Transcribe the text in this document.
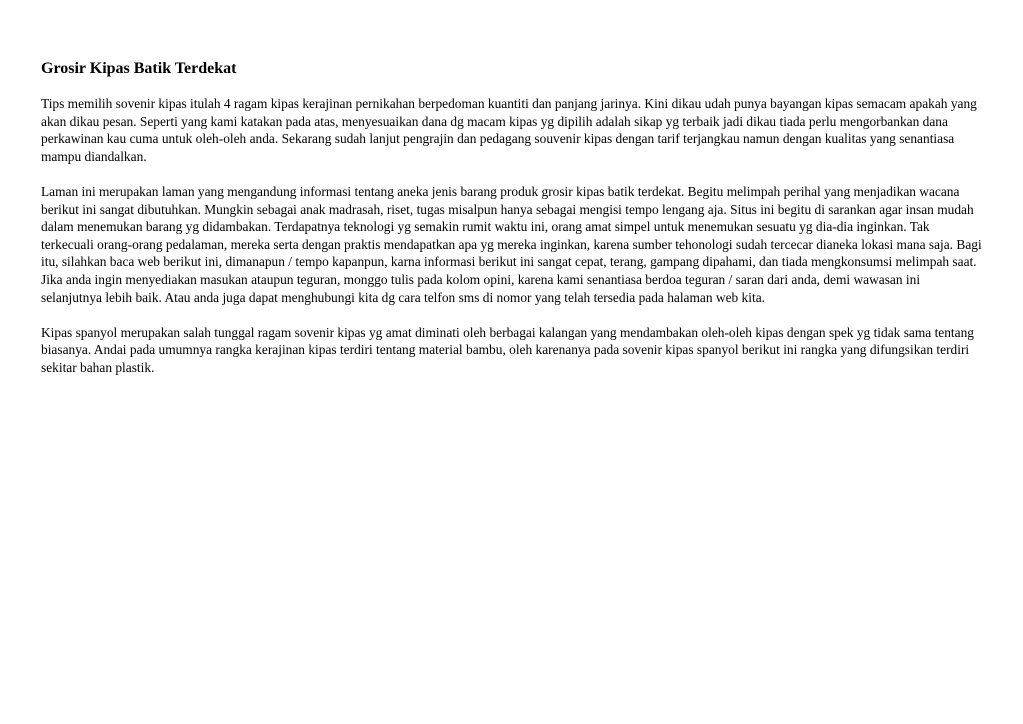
Grosir Kipas Batik Terdekat

Tips memilih sovenir kipas itulah 4 ragam kipas kerajinan pernikahan berpedoman kuantiti dan panjang jarinya. Kini dikau udah punya bayangan kipas semacam apakah yang akan dikau pesan. Seperti yang kami katakan pada atas, menyesuaikan dana dg macam kipas yg dipilih adalah sikap yg terbaik jadi dikau tiada perlu mengorbankan dana perkawinan kau cuma untuk oleh-oleh anda. Sekarang sudah lanjut pengrajin dan pedagang souvenir kipas dengan tarif terjangkau namun dengan kualitas yang senantiasa mampu diandalkan.

Laman ini merupakan laman yang mengandung informasi tentang aneka jenis barang produk grosir kipas batik terdekat. Begitu melimpah perihal yang menjadikan wacana berikut ini sangat dibutuhkan. Mungkin sebagai anak madrasah, riset, tugas misalpun hanya sebagai mengisi tempo lengang aja. Situs ini begitu di sarankan agar insan mudah dalam menemukan barang yg didambakan. Terdapatnya teknologi yg semakin rumit waktu ini, orang amat simpel untuk menemukan sesuatu yg dia-dia inginkan. Tak terkecuali orang-orang pedalaman, mereka serta dengan praktis mendapatkan apa yg mereka inginkan, karena sumber tehonologi sudah tercecar dianeka lokasi mana saja. Bagi itu, silahkan baca web berikut ini, dimanapun / tempo kapanpun, karna informasi berikut ini sangat cepat, terang, gampang dipahami, dan tiada mengkonsumsi melimpah saat. Jika anda ingin menyediakan masukan ataupun teguran, monggo tulis pada kolom opini, karena kami senantiasa berdoa teguran / saran dari anda, demi wawasan ini selanjutnya lebih baik. Atau anda juga dapat menghubungi kita dg cara telfon sms di nomor yang telah tersedia pada halaman web kita.

Kipas spanyol merupakan salah tunggal ragam sovenir kipas yg amat diminati oleh berbagai kalangan yang mendambakan oleh-oleh kipas dengan spek yg tidak sama tentang biasanya. Andai pada umumnya rangka kerajinan kipas terdiri tentang material bambu, oleh karenanya pada sovenir kipas spanyol berikut ini rangka yang difungsikan terdiri sekitar bahan plastik.
